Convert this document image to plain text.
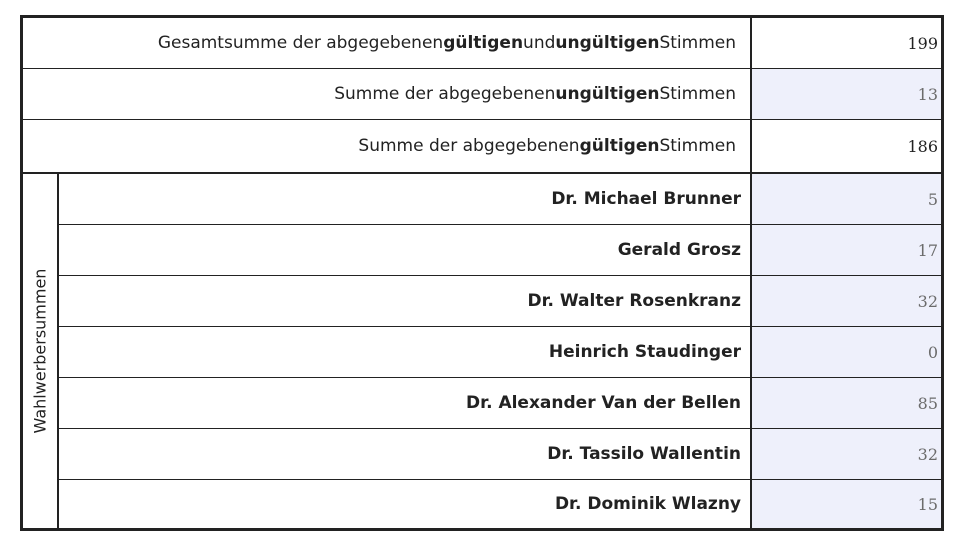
Gesamtsumme der abgegebenen gültigen und ungültigen Stimmen	199
Summe der abgegebenen ungültigen Stimmen	13
Summe der abgegebenen gültigen Stimmen	186
Wahlwerbersummen
Dr. Michael Brunner	5
Gerald Grosz	17
Dr. Walter Rosenkranz	32
Heinrich Staudinger	0
Dr. Alexander Van der Bellen	85
Dr. Tassilo Wallentin	32
Dr. Dominik Wlazny	15
